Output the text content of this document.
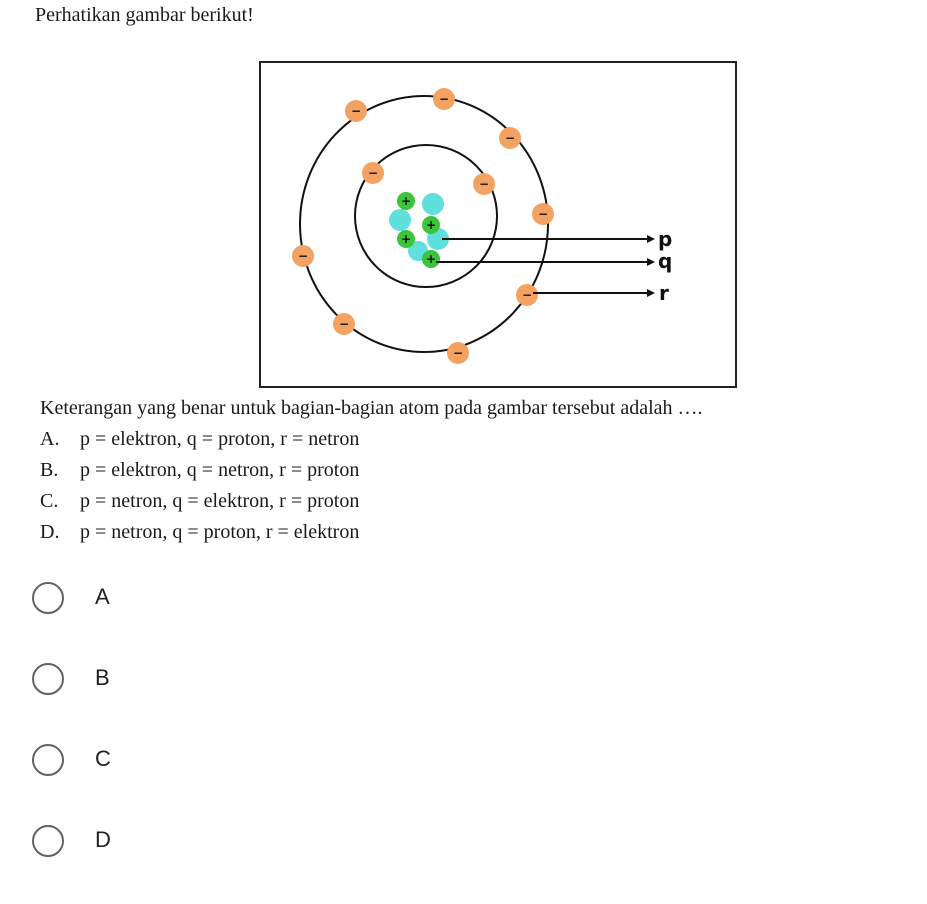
Perhatikan gambar berikut!
+
+
+
+
−
−
−
−
−
−
−
−
−
−
p
q
r
Keterangan yang benar untuk bagian-bagian atom pada gambar tersebut adalah ….
A. p = elektron, q = proton, r = netron
B. p = elektron, q = netron, r = proton
C. p = netron, q = elektron, r = proton
D. p = netron, q = proton, r = elektron
A
B
C
D
